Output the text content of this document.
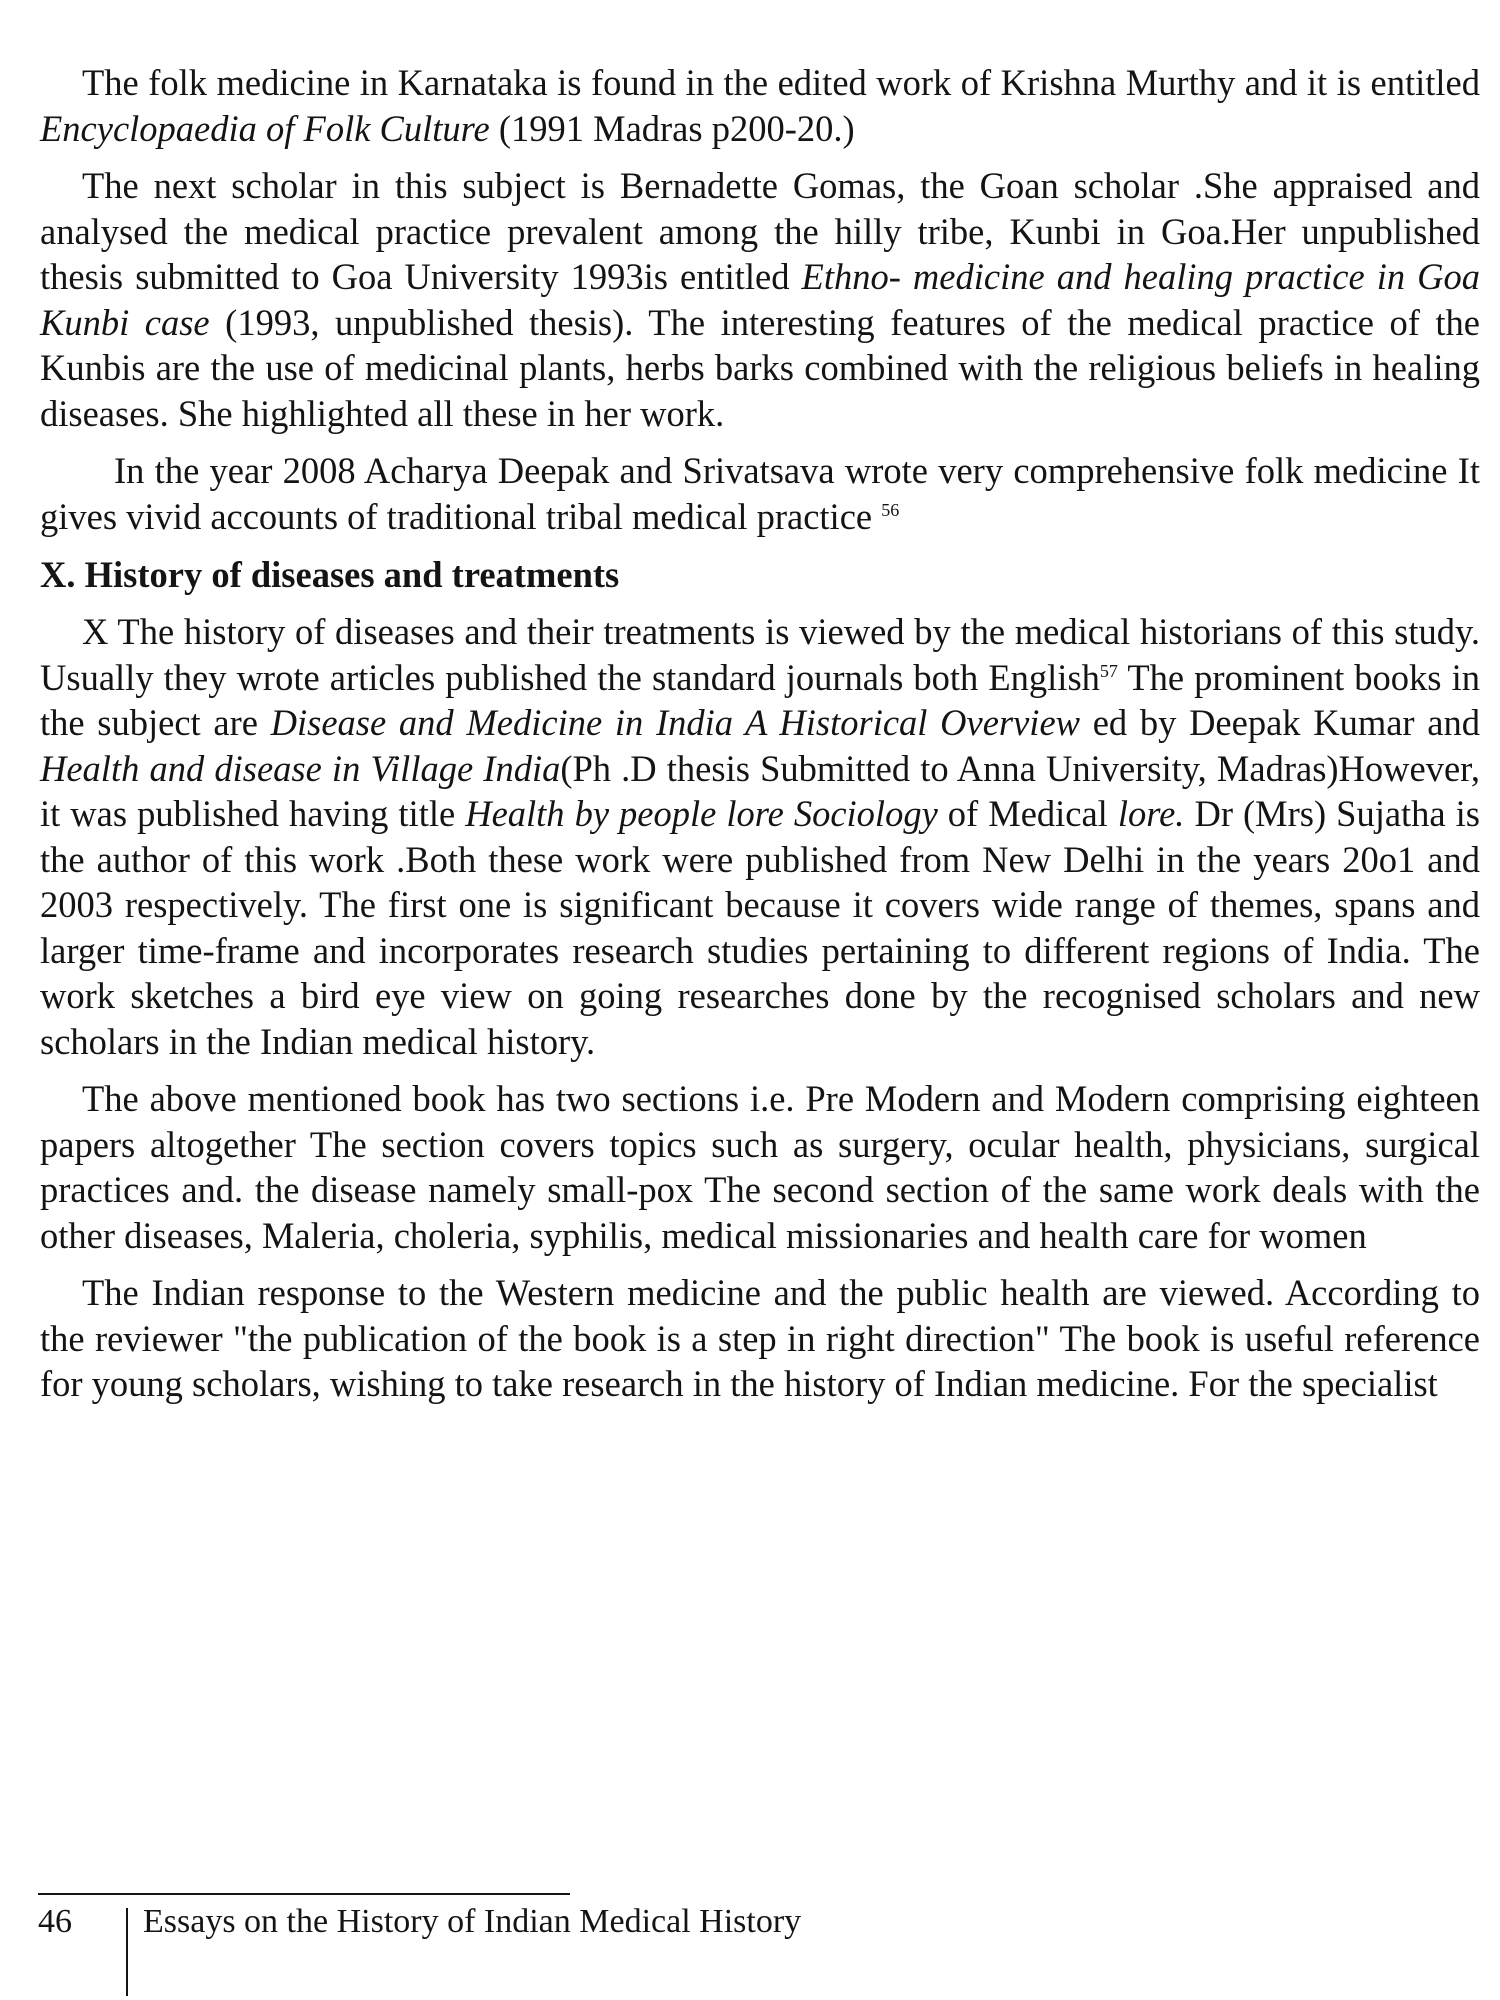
The folk medicine in Karnataka is found in the edited work of Krishna Murthy and it is entitled Encyclopaedia of Folk Culture (1991 Madras p200-20.)

The next scholar in this subject is Bernadette Gomas, the Goan scholar .She appraised and analysed the medical practice prevalent among the hilly tribe, Kunbi in Goa.Her unpublished thesis submitted to Goa University 1993is entitled Ethno- medicine and healing practice in Goa Kunbi case (1993, unpublished thesis). The interesting features of the medical practice of the Kunbis are the use of medicinal plants, herbs barks combined with the religious beliefs in healing diseases. She highlighted all these in her work.

In the year 2008 Acharya Deepak and Srivatsava wrote very comprehensive folk medicine It gives vivid accounts of traditional tribal medical practice $^{56}$

X. History of diseases and treatments

X The history of diseases and their treatments is viewed by the medical historians of this study. Usually they wrote articles published the standard journals both English$^{57}$ The prominent books in the subject are Disease and Medicine in India A Historical Overview ed by Deepak Kumar and Health and disease in Village India(Ph .D thesis Submitted to Anna University, Madras)However, it was published having title Health by people lore Sociology of Medical lore. Dr (Mrs) Sujatha is the author of this work .Both these work were published from New Delhi in the years 20o1 and 2003 respectively. The first one is significant because it covers wide range of themes, spans and larger time-frame and incorporates research studies pertaining to different regions of India. The work sketches a bird eye view on going researches done by the recognised scholars and new scholars in the Indian medical history.

The above mentioned book has two sections i.e. Pre Modern and Modern comprising eighteen papers altogether The section covers topics such as surgery, ocular health, physicians, surgical practices and. the disease namely small-pox The second section of the same work deals with the other diseases, Maleria, choleria, syphilis, medical missionaries and health care for women

The Indian response to the Western medicine and the public health are viewed. According to the reviewer "the publication of the book is a step in right direction" The book is useful reference for young scholars, wishing to take research in the history of Indian medicine. For the specialist

46 Essays on the History of Indian Medical History
